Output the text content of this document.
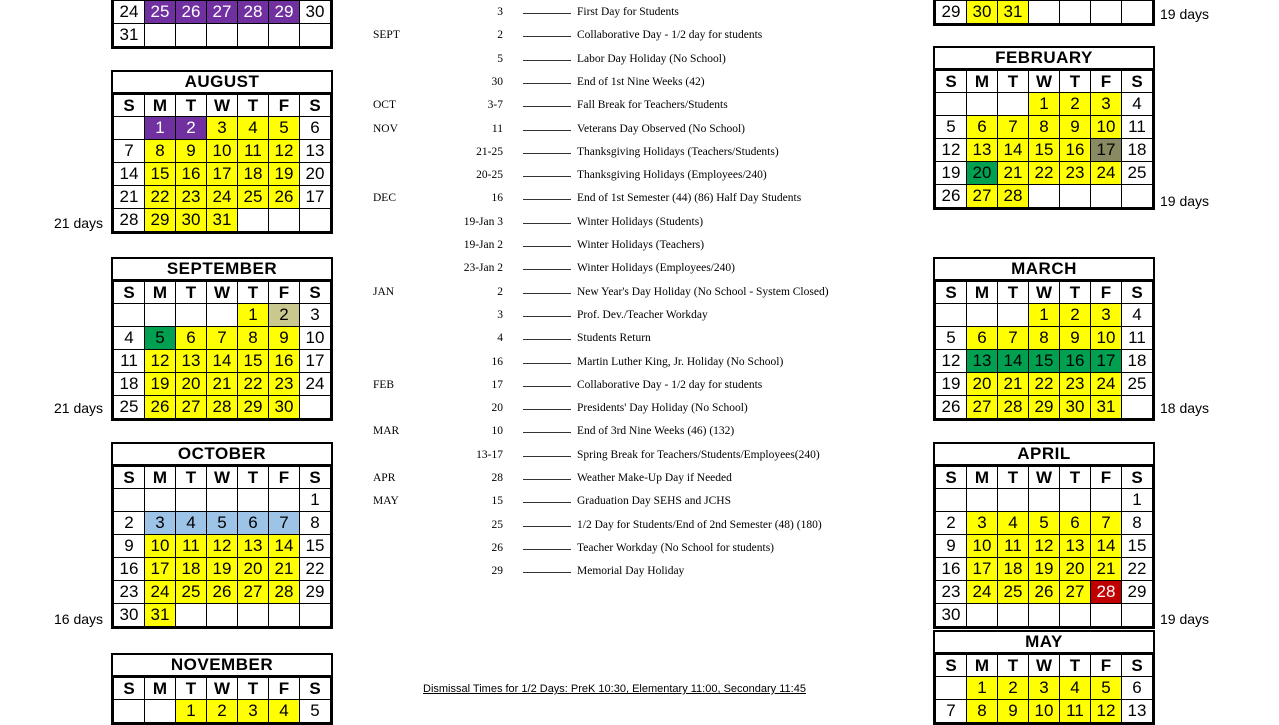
24	25	26	27	28	29	30
31						
AUGUST
S	M	T	W	T	F	S
	1	2	3	4	5	6
7	8	9	10	11	12	13
14	15	16	17	18	19	20
21	22	23	24	25	26	17
28	29	30	31			
SEPTEMBER
S	M	T	W	T	F	S
				1	2	3
4	5	6	7	8	9	10
11	12	13	14	15	16	17
18	19	20	21	22	23	24
25	26	27	28	29	30	
OCTOBER
S	M	T	W	T	F	S
						1
2	3	4	5	6	7	8
9	10	11	12	13	14	15
16	17	18	19	20	21	22
23	24	25	26	27	28	29
30	31					
NOVEMBER
S	M	T	W	T	F	S
		1	2	3	4	5
29	30	31				
FEBRUARY
S	M	T	W	T	F	S
			1	2	3	4
5	6	7	8	9	10	11
12	13	14	15	16	17	18
19	20	21	22	23	24	25
26	27	28				
MARCH
S	M	T	W	T	F	S
			1	2	3	4
5	6	7	8	9	10	11
12	13	14	15	16	17	18
19	20	21	22	23	24	25
26	27	28	29	30	31	
APRIL
S	M	T	W	T	F	S
						1
2	3	4	5	6	7	8
9	10	11	12	13	14	15
16	17	18	19	20	21	22
23	24	25	26	27	28	29
30						
MAY
S	M	T	W	T	F	S
	1	2	3	4	5	6
7	8	9	10	11	12	13
21 days
21 days
16 days
19 days
19 days
18 days
19 days
3	First Day for Students
SEPT	2	Collaborative Day - 1/2 day for students
5	Labor Day Holiday (No School)
30	End of 1st Nine Weeks (42)
OCT	3-7	Fall Break for Teachers/Students
NOV	11	Veterans Day Observed (No School)
21-25	Thanksgiving Holidays (Teachers/Students)
20-25	Thanksgiving Holidays (Employees/240)
DEC	16	End of 1st Semester (44) (86) Half Day Students
19-Jan 3	Winter Holidays (Students)
19-Jan 2	Winter Holidays (Teachers)
23-Jan 2	Winter Holidays (Employees/240)
JAN	2	New Year's Day Holiday (No School - System Closed)
3	Prof. Dev./Teacher Workday
4	Students Return
16	Martin Luther King, Jr. Holiday (No School)
FEB	17	Collaborative Day - 1/2 day for students
20	Presidents' Day Holiday (No School)
MAR	10	End of 3rd Nine Weeks (46) (132)
13-17	Spring Break for Teachers/Students/Employees(240)
APR	28	Weather Make-Up Day if Needed
MAY	15	Graduation Day SEHS and JCHS
25	1/2 Day for Students/End of 2nd Semester (48) (180)
26	Teacher Workday (No School for students)
29	Memorial Day Holiday
Dismissal Times for 1/2 Days: PreK 10:30, Elementary 11:00, Secondary 11:45
